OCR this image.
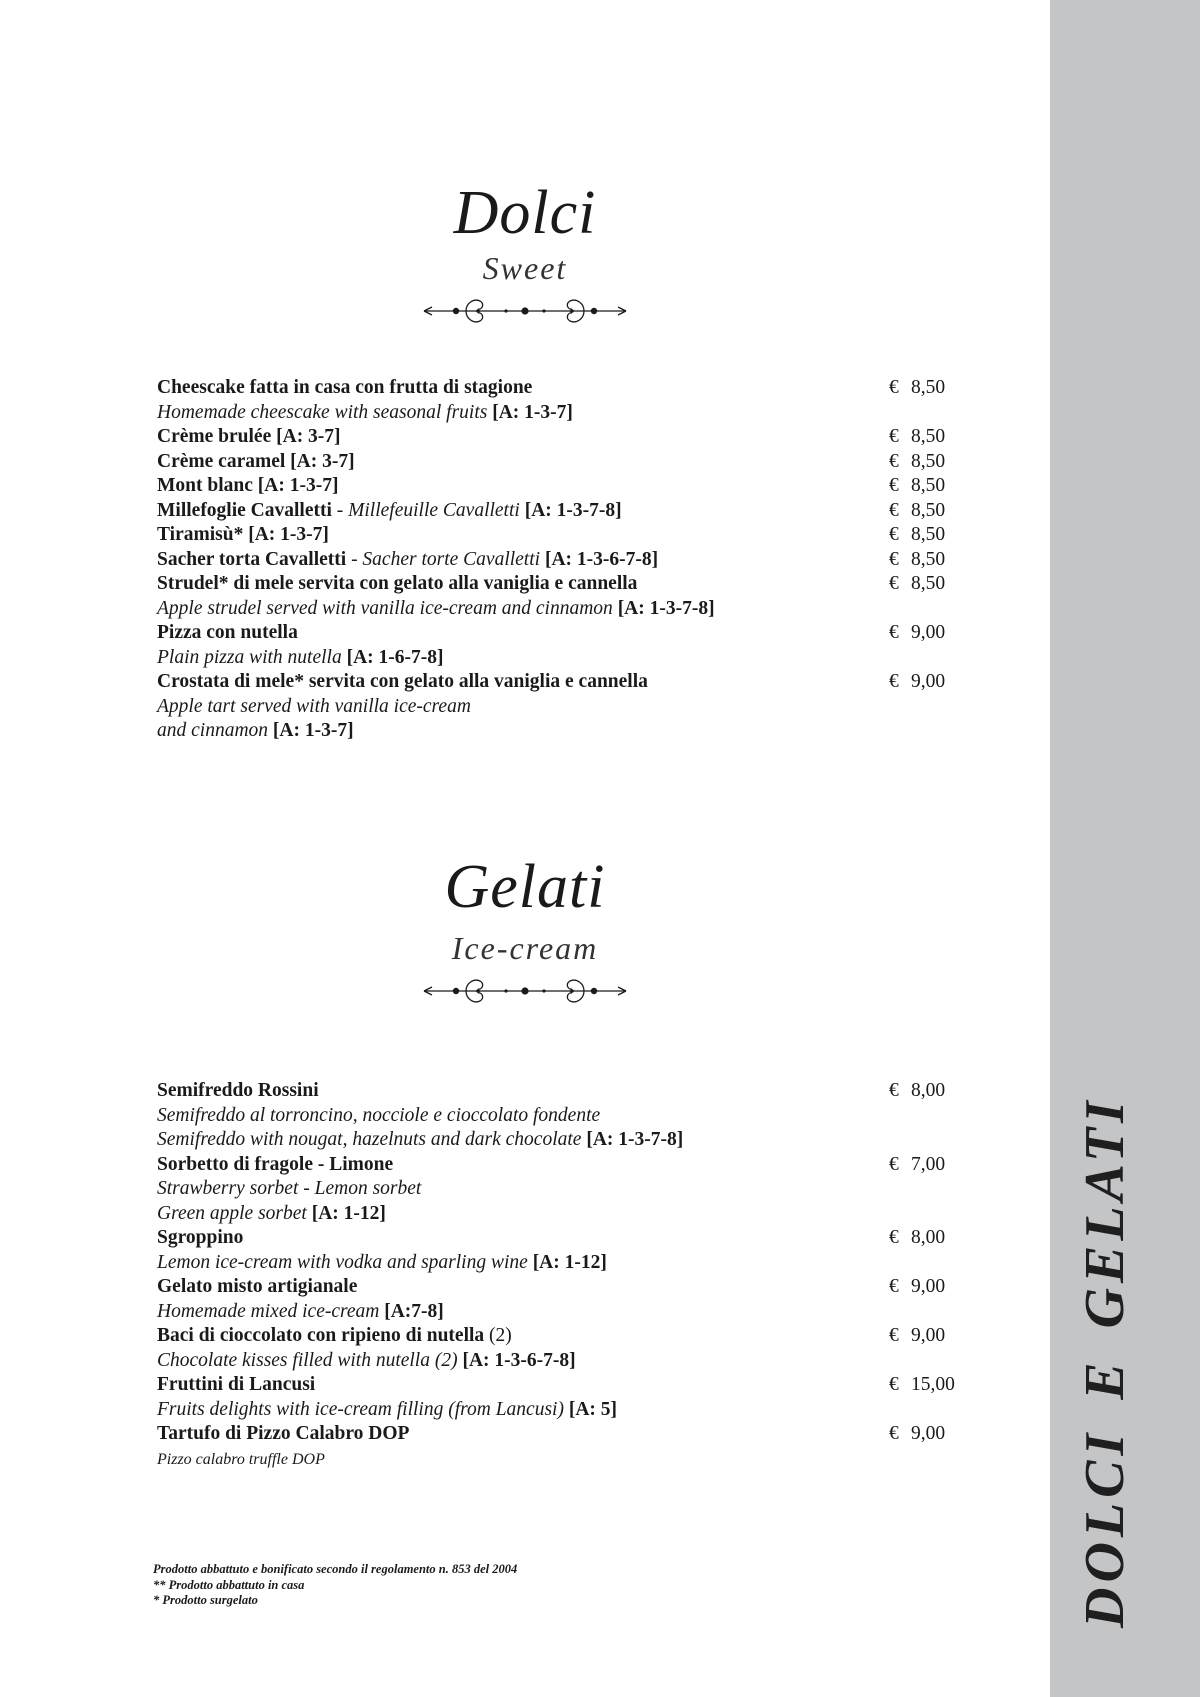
DOLCI E GELATI
Dolci
Sweet
Cheescake fatta in casa con frutta di stagione	€ 8,50
Homemade cheescake with seasonal fruits [A: 1-3-7]
Crème brulée [A: 3-7]	€ 8,50
Crème caramel [A: 3-7]	€ 8,50
Mont blanc [A: 1-3-7]	€ 8,50
Millefoglie Cavalletti - Millefeuille Cavalletti [A: 1-3-7-8]	€ 8,50
Tiramisù* [A: 1-3-7]	€ 8,50
Sacher torta Cavalletti - Sacher torte Cavalletti [A: 1-3-6-7-8]	€ 8,50
Strudel* di mele servita con gelato alla vaniglia e cannella	€ 8,50
Apple strudel served with vanilla ice-cream and cinnamon [A: 1-3-7-8]
Pizza con nutella	€ 9,00
Plain pizza with nutella [A: 1-6-7-8]
Crostata di mele* servita con gelato alla vaniglia e cannella	€ 9,00
Apple tart served with vanilla ice-cream
and cinnamon [A: 1-3-7]
Gelati
Ice-cream
Semifreddo Rossini	€ 8,00
Semifreddo al torroncino, nocciole e cioccolato fondente
Semifreddo with nougat, hazelnuts and dark chocolate [A: 1-3-7-8]
Sorbetto di fragole - Limone	€ 7,00
Strawberry sorbet - Lemon sorbet
Green apple sorbet [A: 1-12]
Sgroppino	€ 8,00
Lemon ice-cream with vodka and sparling wine [A: 1-12]
Gelato misto artigianale	€ 9,00
Homemade mixed ice-cream [A:7-8]
Baci di cioccolato con ripieno di nutella (2)	€ 9,00
Chocolate kisses filled with nutella (2) [A: 1-3-6-7-8]
Fruttini di Lancusi	€ 15,00
Fruits delights with ice-cream filling (from Lancusi) [A: 5]
Tartufo di Pizzo Calabro DOP	€ 9,00
Pizzo calabro truffle DOP
Prodotto abbattuto e bonificato secondo il regolamento n. 853 del 2004
** Prodotto abbattuto in casa
* Prodotto surgelato
